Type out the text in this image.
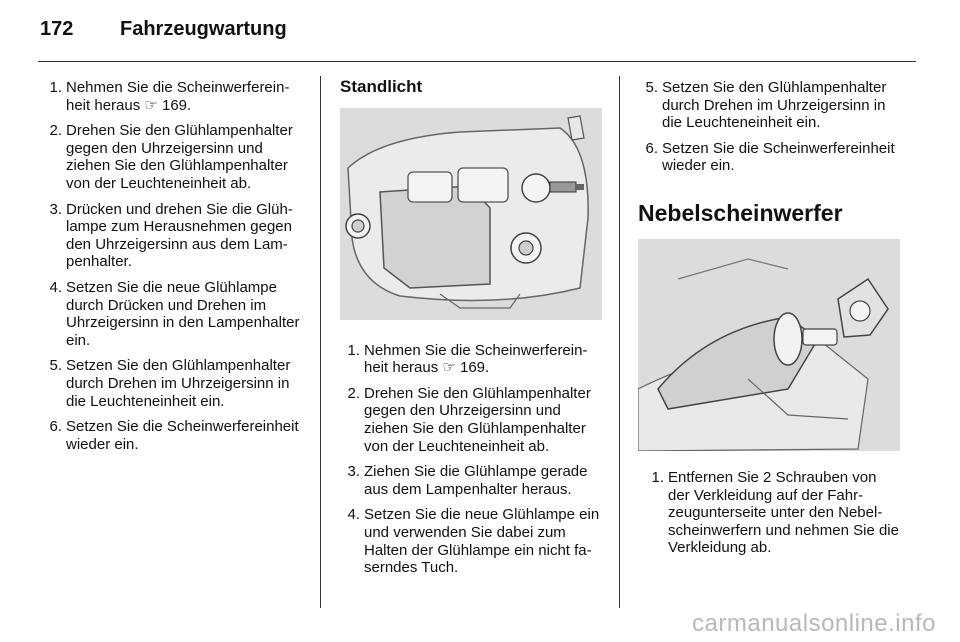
172	Fahrzeugwartung
1. Nehmen Sie die Scheinwerfereinheit heraus ☞ 169.
2. Drehen Sie den Glühlampenhalter gegen den Uhrzeigersinn und ziehen Sie den Glühlampenhalter von der Leuchteneinheit ab.
3. Drücken und drehen Sie die Glühlampe zum Herausnehmen gegen den Uhrzeigersinn aus dem Lampenhalter.
4. Setzen Sie die neue Glühlampe durch Drücken und Drehen im Uhrzeigersinn in den Lampenhalter ein.
5. Setzen Sie den Glühlampenhalter durch Drehen im Uhrzeigersinn in die Leuchteneinheit ein.
6. Setzen Sie die Scheinwerfereinheit wieder ein.
Standlicht
1. Nehmen Sie die Scheinwerfereinheit heraus ☞ 169.
2. Drehen Sie den Glühlampenhalter gegen den Uhrzeigersinn und ziehen Sie den Glühlampenhalter von der Leuchteneinheit ab.
3. Ziehen Sie die Glühlampe gerade aus dem Lampenhalter heraus.
4. Setzen Sie die neue Glühlampe ein und verwenden Sie dabei zum Halten der Glühlampe ein nicht faserndes Tuch.
5. Setzen Sie den Glühlampenhalter durch Drehen im Uhrzeigersinn in die Leuchteneinheit ein.
6. Setzen Sie die Scheinwerfereinheit wieder ein.
Nebelscheinwerfer
1. Entfernen Sie 2 Schrauben von der Verkleidung auf der Fahrzeugunterseite unter den Nebelscheinwerfern und nehmen Sie die Verkleidung ab.
carmanualsonline.info
